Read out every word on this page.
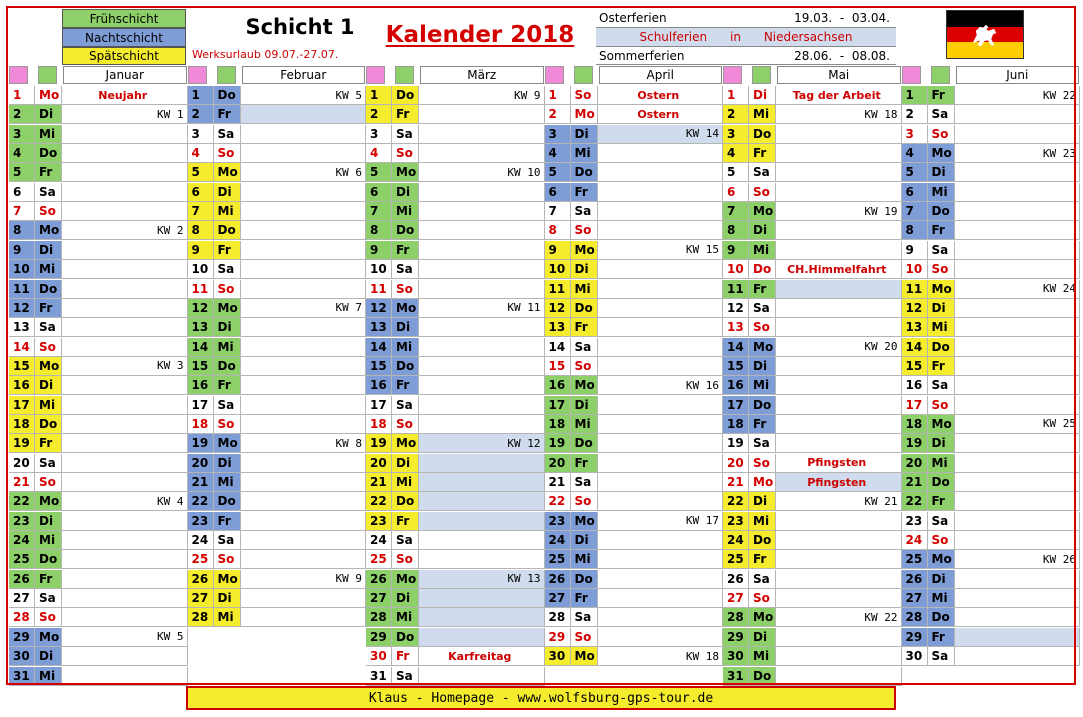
Frühschicht
Nachtschicht
Spätschicht
Schicht 1
Werksurlaub 09.07.-27.07.
Kalender 2018
Osterferien	19.03.  -  03.04.
Schulferien      in      Niedersachsen
Sommerferien	28.06.  -  08.08.
Januar
1	Mo	Neujahr
2	Di	KW 1
3	Mi
4	Do
5	Fr
6	Sa
7	So
8	Mo	KW 2
9	Di
10 Mi
11 Do
12 Fr
13 Sa
14 So
15 Mo	KW 3
16 Di
17 Mi
18 Do
19 Fr
20 Sa
21 So
22 Mo	KW 4
23 Di
24 Mi
25 Do
26 Fr
27 Sa
28 So
29 Mo	KW 5
30 Di
31 Mi
Februar
1	Do	KW 5
2	Fr
3	Sa
4	So
5	Mo	KW 6
6	Di
7	Mi
8	Do
9	Fr
10 Sa
11 So
12 Mo	KW 7
13 Di
14 Mi
15 Do
16 Fr
17 Sa
18 So
19 Mo	KW 8
20 Di
21 Mi
22 Do
23 Fr
24 Sa
25 So
26 Mo	KW 9
27 Di
28 Mi
März
1	Do	KW 9
2	Fr
3	Sa
4	So
5	Mo	KW 10
6	Di
7	Mi
8	Do
9	Fr
10 Sa
11 So
12 Mo	KW 11
13 Di
14 Mi
15 Do
16 Fr
17 Sa
18 So
19 Mo	KW 12
20 Di
21 Mi
22 Do
23 Fr
24 Sa
25 So
26 Mo	KW 13
27 Di
28 Mi
29 Do
30 Fr	Karfreitag
31 Sa
April
1	So	Ostern
2	Mo	Ostern
3	Di	KW 14
4	Mi
5	Do
6	Fr
7	Sa
8	So
9	Mo	KW 15
10 Di
11 Mi
12 Do
13 Fr
14 Sa
15 So
16 Mo	KW 16
17 Di
18 Mi
19 Do
20 Fr
21 Sa
22 So
23 Mo	KW 17
24 Di
25 Mi
26 Do
27 Fr
28 Sa
29 So
30 Mo	KW 18
Mai
1	Di	Tag der Arbeit
2	Mi	KW 18
3	Do
4	Fr
5	Sa
6	So
7	Mo	KW 19
8	Di
9	Mi
10 Do	CH.Himmelfahrt
11 Fr
12 Sa
13 So
14 Mo	KW 20
15 Di
16 Mi
17 Do
18 Fr
19 Sa
20 So	Pfingsten
21 Mo	Pfingsten
22 Di	KW 21
23 Mi
24 Do
25 Fr
26 Sa
27 So
28 Mo	KW 22
29 Di
30 Mi
31 Do
Juni
1	Fr	KW 22
2	Sa
3	So
4	Mo	KW 23
5	Di
6	Mi
7	Do
8	Fr
9	Sa
10 So
11 Mo	KW 24
12 Di
13 Mi
14 Do
15 Fr
16 Sa
17 So
18 Mo	KW 25
19 Di
20 Mi
21 Do
22 Fr
23 Sa
24 So
25 Mo	KW 26
26 Di
27 Mi
28 Do
29 Fr
30 Sa
Klaus - Homepage - www.wolfsburg-gps-tour.de
